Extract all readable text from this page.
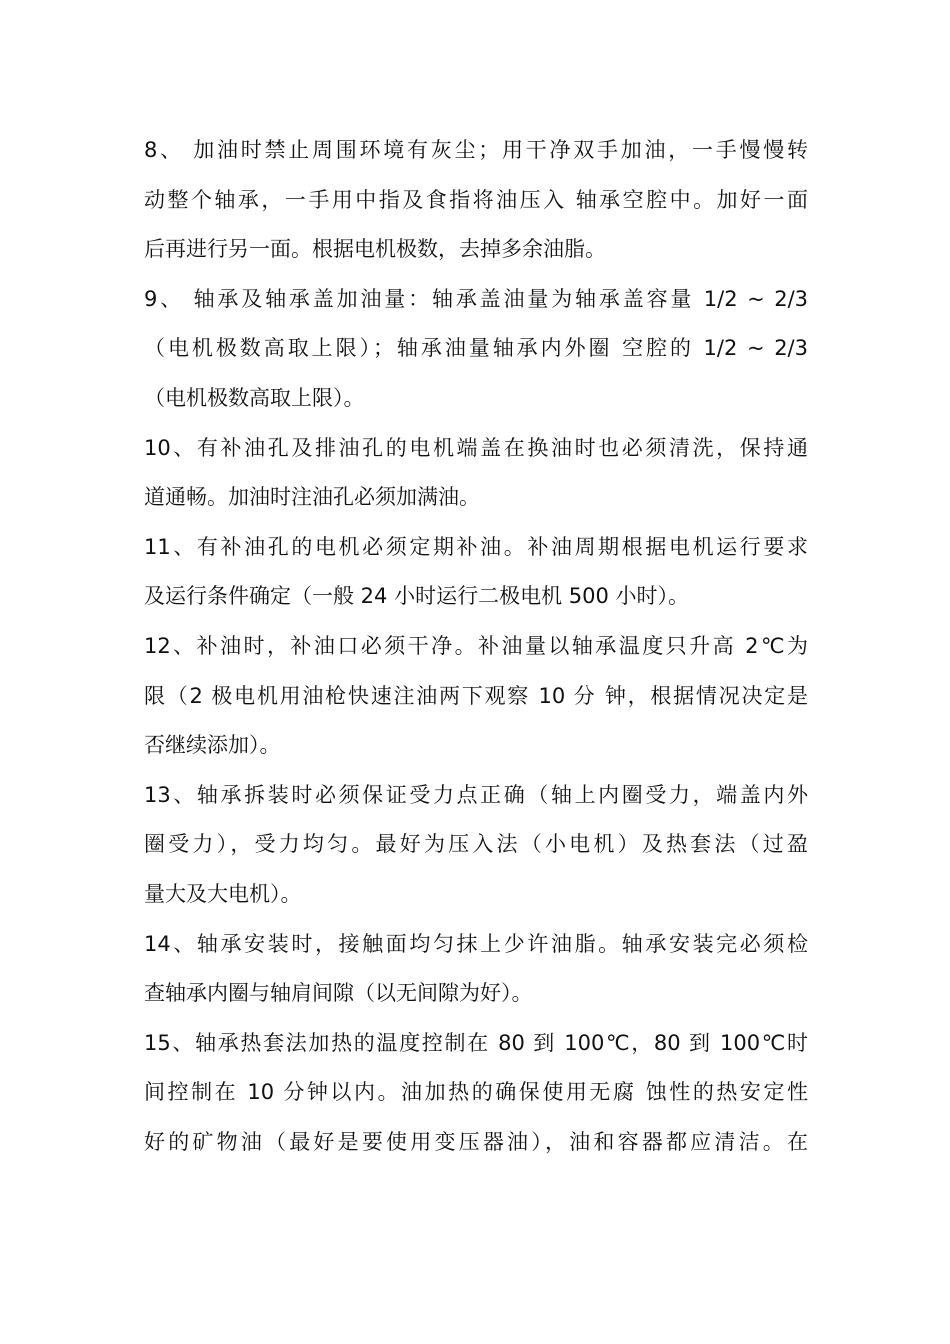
8、 加油时禁止周围环境有灰尘；用干净双手加油，一手慢慢转
动整个轴承，一手用中指及食指将油压入 轴承空腔中。加好一面
后再进行另一面。根据电机极数，去掉多余油脂。
9、 轴承及轴承盖加油量：轴承盖油量为轴承盖容量 1/2 ~ 2/3
（电机极数高取上限）；轴承油量轴承内外圈 空腔的 1/2 ~ 2/3
（电机极数高取上限）。
10、有补油孔及排油孔的电机端盖在换油时也必须清洗，保持通
道通畅。加油时注油孔必须加满油。
11、有补油孔的电机必须定期补油。补油周期根据电机运行要求
及运行条件确定（一般 24 小时运行二极电机 500 小时）。
12、补油时，补油口必须干净。补油量以轴承温度只升高 2℃为
限（2 极电机用油枪快速注油两下观察 10 分 钟，根据情况决定是
否继续添加）。
13、轴承拆装时必须保证受力点正确（轴上内圈受力，端盖内外
圈受力），受力均匀。最好为压入法（小电机）及热套法（过盈
量大及大电机）。
14、轴承安装时，接触面均匀抹上少许油脂。轴承安装完必须检
查轴承内圈与轴肩间隙（以无间隙为好）。
15、轴承热套法加热的温度控制在 80 到 100℃，80 到 100℃时
间控制在 10 分钟以内。油加热的确保使用无腐 蚀性的热安定性
好的矿物油（最好是要使用变压器油），油和容器都应清洁。在
